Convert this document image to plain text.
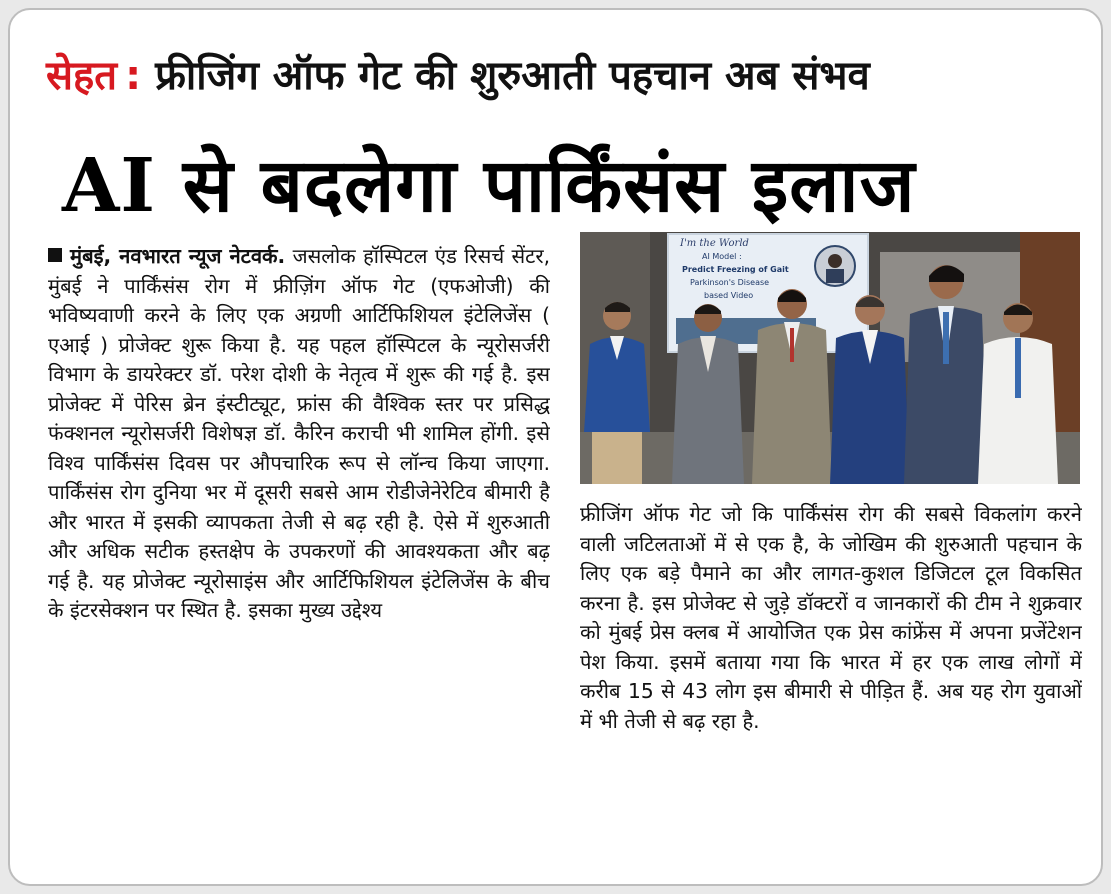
सेहत : फ्रीजिंग ऑफ गेट की शुरुआती पहचान अब संभव
AI से बदलेगा पार्किंसंस इलाज
मुंबई, नवभारत न्यूज नेटवर्क. जसलोक हॉस्पिटल एंड रिसर्च सेंटर, मुंबई ने पार्किंसंस रोग में फ्रीज़िंग ऑफ गेट (एफओजी) की भविष्यवाणी करने के लिए एक अग्रणी आर्टिफिशियल इंटेलिजेंस ( एआई ) प्रोजेक्ट शुरू किया है. यह पहल हॉस्पिटल के न्यूरोसर्जरी विभाग के डायरेक्टर डॉ. परेश दोशी के नेतृत्व में शुरू की गई है. इस प्रोजेक्ट में पेरिस ब्रेन इंस्टीट्यूट, फ्रांस की वैश्विक स्तर पर प्रसिद्ध फंक्शनल न्यूरोसर्जरी विशेषज्ञ डॉ. कैरिन कराची भी शामिल होंगी. इसे विश्व पार्किंसंस दिवस पर औपचारिक रूप से लॉन्च किया जाएगा. पार्किंसंस रोग दुनिया भर में दूसरी सबसे आम रोडीजेनेरेटिव बीमारी है और भारत में इसकी व्यापकता तेजी से बढ़ रही है. ऐसे में शुरुआती और अधिक सटीक हस्तक्षेप के उपकरणों की आवश्यकता और बढ़ गई है. यह प्रोजेक्ट न्यूरोसाइंस और आर्टिफिशियल इंटेलिजेंस के बीच के इंटरसेक्शन पर स्थित है. इसका मुख्य उद्देश्य
I'm the World
AI Model :
Predict Freezing of Gait
Parkinson's Disease
based Video
फ्रीजिंग ऑफ गेट जो कि पार्किंसंस रोग की सबसे विकलांग करने वाली जटिलताओं में से एक है, के जोखिम की शुरुआती पहचान के लिए एक बड़े पैमाने का और लागत-कुशल डिजिटल टूल विकसित करना है. इस प्रोजेक्ट से जुड़े डॉक्टरों व जानकारों की टीम ने शुक्रवार को मुंबई प्रेस क्लब में आयोजित एक प्रेस कांफ्रेंस में अपना प्रजेंटेशन पेश किया. इसमें बताया गया कि भारत में हर एक लाख लोगों में करीब 15 से 43 लोग इस बीमारी से पीड़ित हैं. अब यह रोग युवाओं में भी तेजी से बढ़ रहा है.
